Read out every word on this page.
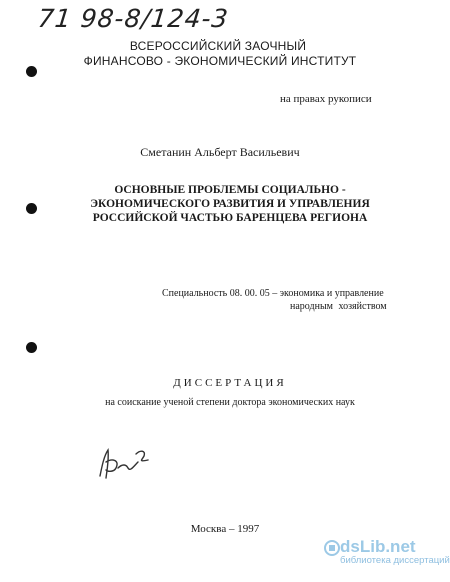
71 98-8/124-3
ВСЕРОССИЙСКИЙ ЗАОЧНЫЙ
ФИНАНСОВО - ЭКОНОМИЧЕСКИЙ ИНСТИТУТ
на правах рукописи
Сметанин Альберт Васильевич
ОСНОВНЫЕ ПРОБЛЕМЫ СОЦИАЛЬНО -
ЭКОНОМИЧЕСКОГО РАЗВИТИЯ И УПРАВЛЕНИЯ
РОССИЙСКОЙ ЧАСТЬЮ БАРЕНЦЕВА РЕГИОНА
Специальность 08. 00. 05 – экономика и управление
народным хозяйством
ДИССЕРТАЦИЯ
на соискание ученой степени доктора экономических наук
Москва – 1997
dsLib.net
библиотека диссертаций
